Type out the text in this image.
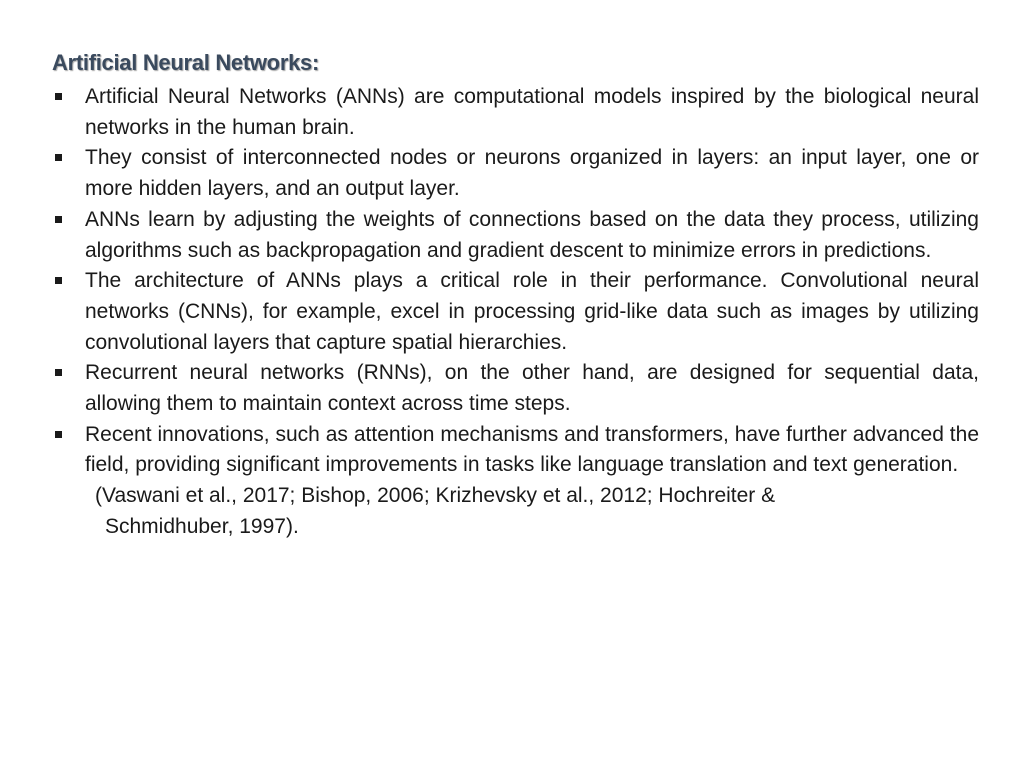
Artificial Neural Networks:
Artificial Neural Networks (ANNs) are computational models inspired by the biological neural networks in the human brain.
They consist of interconnected nodes or neurons organized in layers: an input layer, one or more hidden layers, and an output layer.
ANNs learn by adjusting the weights of connections based on the data they process, utilizing algorithms such as backpropagation and gradient descent to minimize errors in predictions.
The architecture of ANNs plays a critical role in their performance. Convolutional neural networks (CNNs), for example, excel in processing grid-like data such as images by utilizing convolutional layers that capture spatial hierarchies.
Recurrent neural networks (RNNs), on the other hand, are designed for sequential data, allowing them to maintain context across time steps.
Recent innovations, such as attention mechanisms and transformers, have further advanced the field, providing significant improvements in tasks like language translation and text generation.
(Vaswani et al., 2017; Bishop, 2006; Krizhevsky et al., 2012; Hochreiter &
Schmidhuber, 1997).
